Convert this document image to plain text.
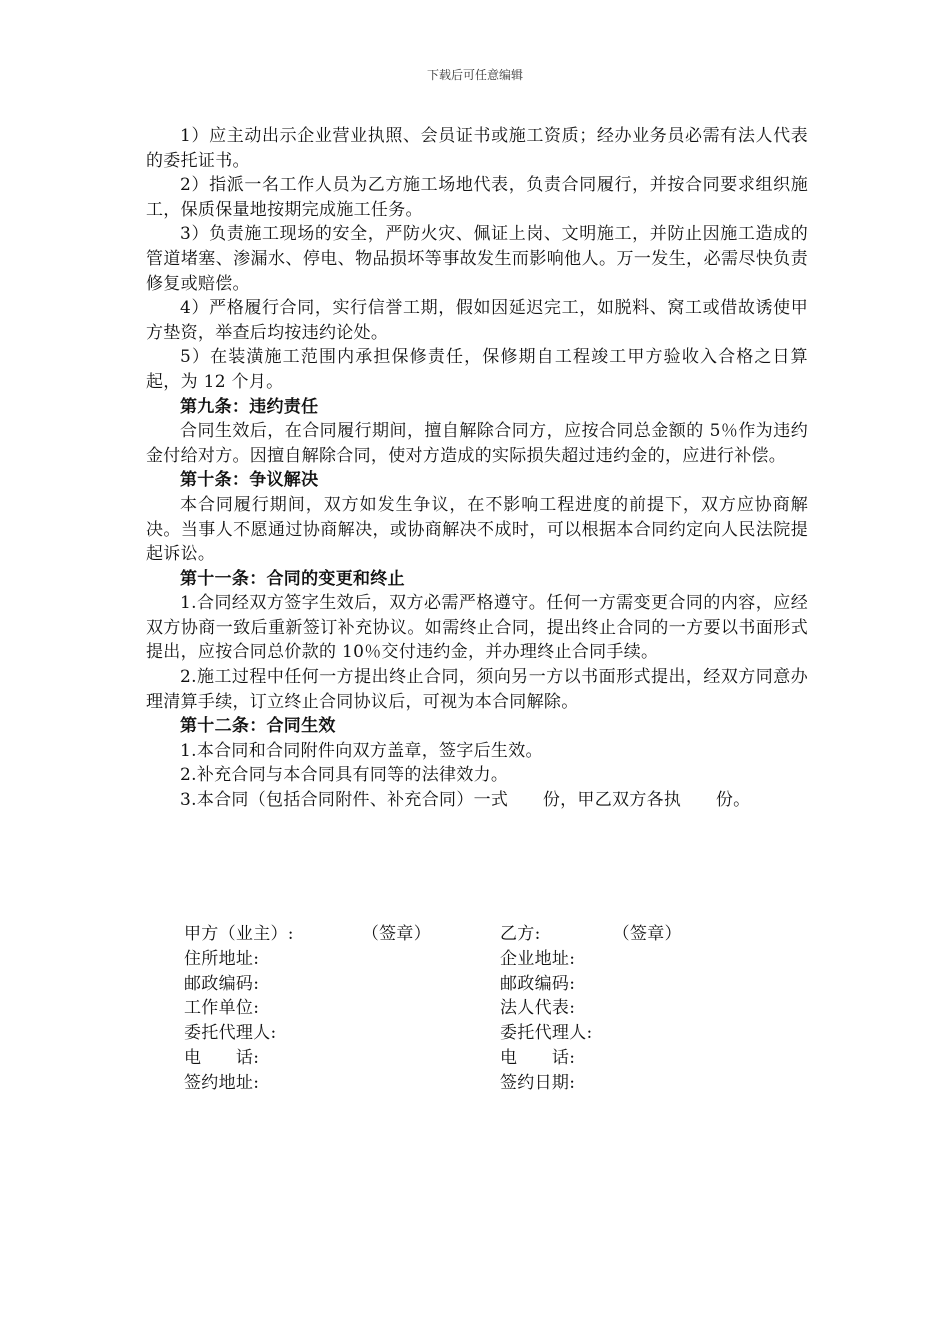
下载后可任意编辑

1）应主动出示企业营业执照、会员证书或施工资质；经办业务员必需有法人代表的委托证书。

2）指派一名工作人员为乙方施工场地代表，负责合同履行，并按合同要求组织施工，保质保量地按期完成施工任务。

3）负责施工现场的安全，严防火灾、佩证上岗、文明施工，并防止因施工造成的管道堵塞、渗漏水、停电、物品损坏等事故发生而影响他人。万一发生，必需尽快负责修复或赔偿。

4）严格履行合同，实行信誉工期，假如因延迟完工，如脱料、窝工或借故诱使甲方垫资，举查后均按违约论处。

5）在装潢施工范围内承担保修责任，保修期自工程竣工甲方验收入合格之日算起，为 12 个月。

第九条：违约责任

合同生效后，在合同履行期间，擅自解除合同方，应按合同总金额的 5％作为违约金付给对方。因擅自解除合同，使对方造成的实际损失超过违约金的，应进行补偿。

第十条：争议解决

本合同履行期间，双方如发生争议，在不影响工程进度的前提下，双方应协商解决。当事人不愿通过协商解决，或协商解决不成时，可以根据本合同约定向人民法院提起诉讼。

第十一条：合同的变更和终止

1.合同经双方签字生效后，双方必需严格遵守。任何一方需变更合同的内容，应经双方协商一致后重新签订补充协议。如需终止合同，提出终止合同的一方要以书面形式提出，应按合同总价款的 10％交付违约金，并办理终止合同手续。

2.施工过程中任何一方提出终止合同，须向另一方以书面形式提出，经双方同意办理清算手续，订立终止合同协议后，可视为本合同解除。

第十二条：合同生效

1.本合同和合同附件向双方盖章，签字后生效。

2.补充合同与本合同具有同等的法律效力。

3.本合同（包括合同附件、补充合同）一式　　份，甲乙双方各执　　份。

甲方（业主）:	（签章）	乙方:	（签章）
住所地址:	企业地址:
邮政编码:	邮政编码:
工作单位:	法人代表:
委托代理人:	委托代理人:
电　　话:	电　　话:
签约地址:	签约日期:
